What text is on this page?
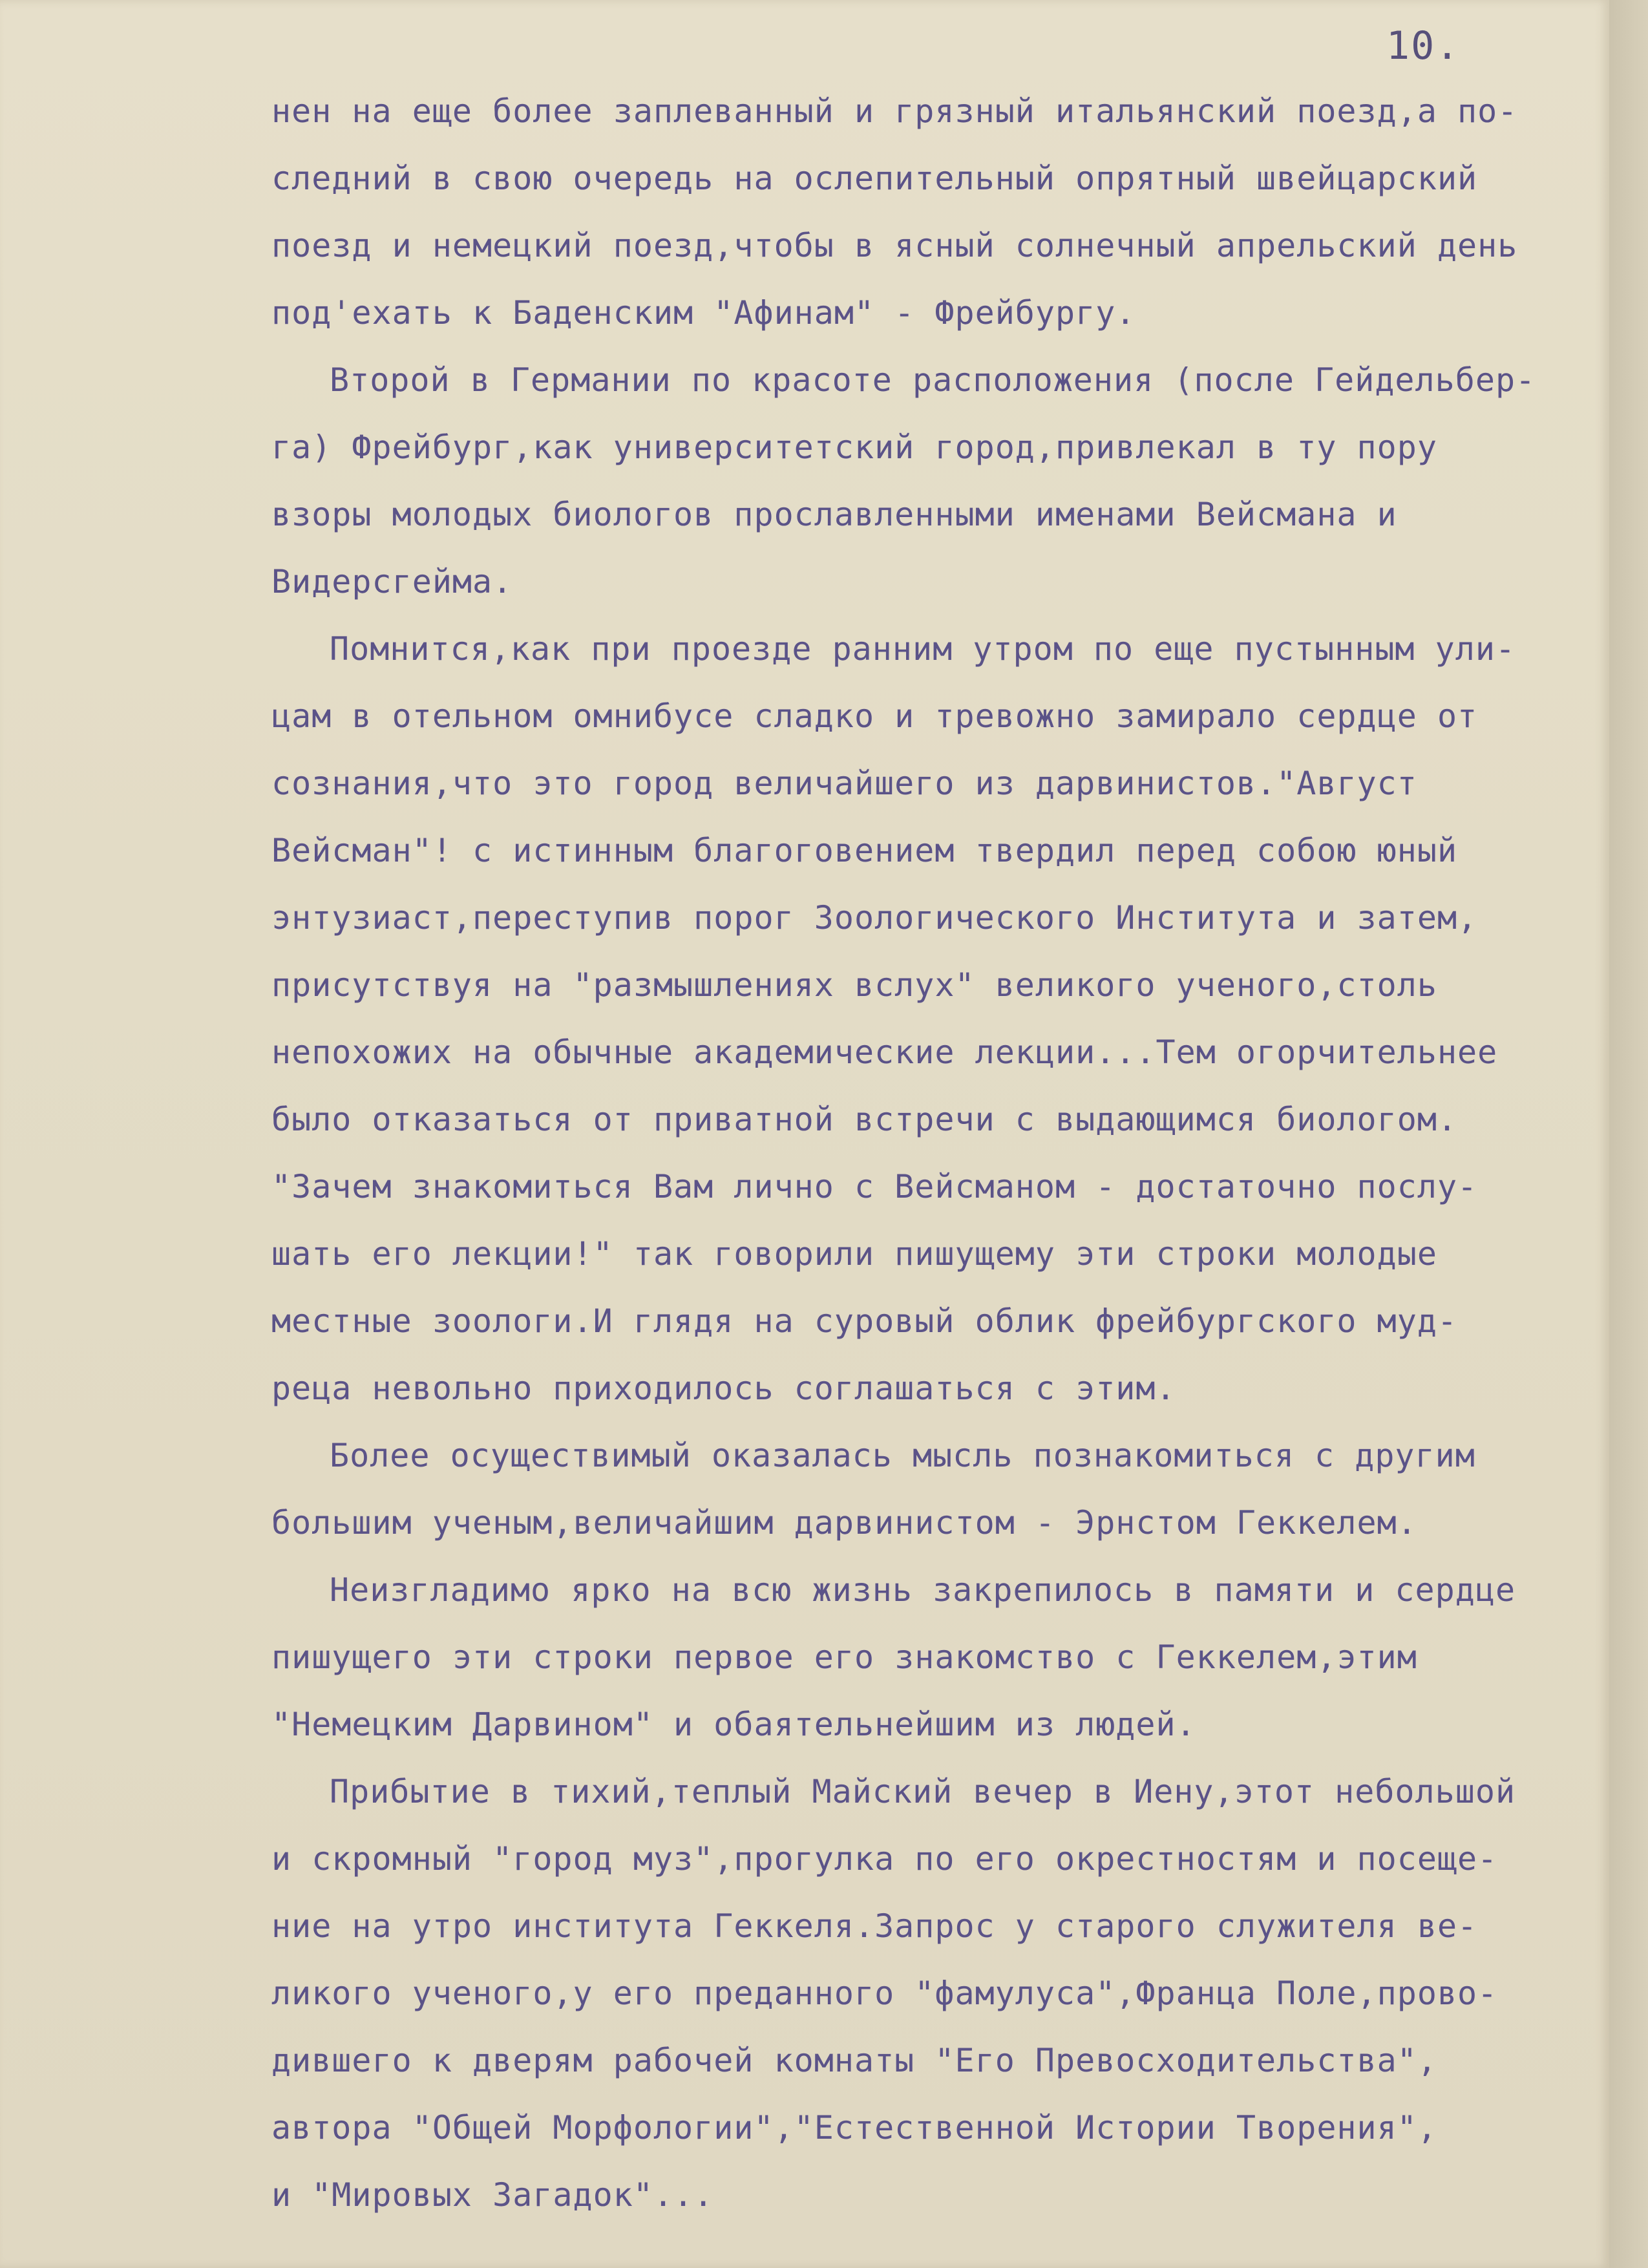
10.
нен на еще более заплеванный и грязный итальянский поезд,а по-
следний в свою очередь на ослепительный опрятный швейцарский
поезд и немецкий поезд,чтобы в ясный солнечный апрельский день
под'ехать к Баденским "Афинам" - Фрейбургу.
Второй в Германии по красоте расположения (после Гейдельбер-
га) Фрейбург,как университетский город,привлекал в ту пору
взоры молодых биологов прославленными именами Вейсмана и
Видерсгейма.
Помнится,как при проезде ранним утром по еще пустынным ули-
цам в отельном омнибусе сладко и тревожно замирало сердце от
сознания,что это город величайшего из дарвинистов."Август
Вейсман"! с истинным благоговением твердил перед собою юный
энтузиаст,переступив порог Зоологического Института и затем,
присутствуя на "размышлениях вслух" великого ученого,столь
непохожих на обычные академические лекции...Тем огорчительнее
было отказаться от приватной встречи с выдающимся биологом.
"Зачем знакомиться Вам лично с Вейсманом - достаточно послу-
шать его лекции!" так говорили пишущему эти строки молодые
местные зоологи.И глядя на суровый облик фрейбургского муд-
реца невольно приходилось соглашаться с этим.
Более осуществимый оказалась мысль познакомиться с другим
большим ученым,величайшим дарвинистом - Эрнстом Геккелем.
Неизгладимо ярко на всю жизнь закрепилось в памяти и сердце
пишущего эти строки первое его знакомство с Геккелем,этим
"Немецким Дарвином" и обаятельнейшим из людей.
Прибытие в тихий,теплый Майский вечер в Иену,этот небольшой
и скромный "город муз",прогулка по его окрестностям и посеще-
ние на утро института Геккеля.Запрос у старого служителя ве-
ликого ученого,у его преданного "фамулуса",Франца Поле,прово-
дившего к дверям рабочей комнаты "Его Превосходительства",
автора "Общей Морфологии","Естественной Истории Творения",
и "Мировых Загадок"...
